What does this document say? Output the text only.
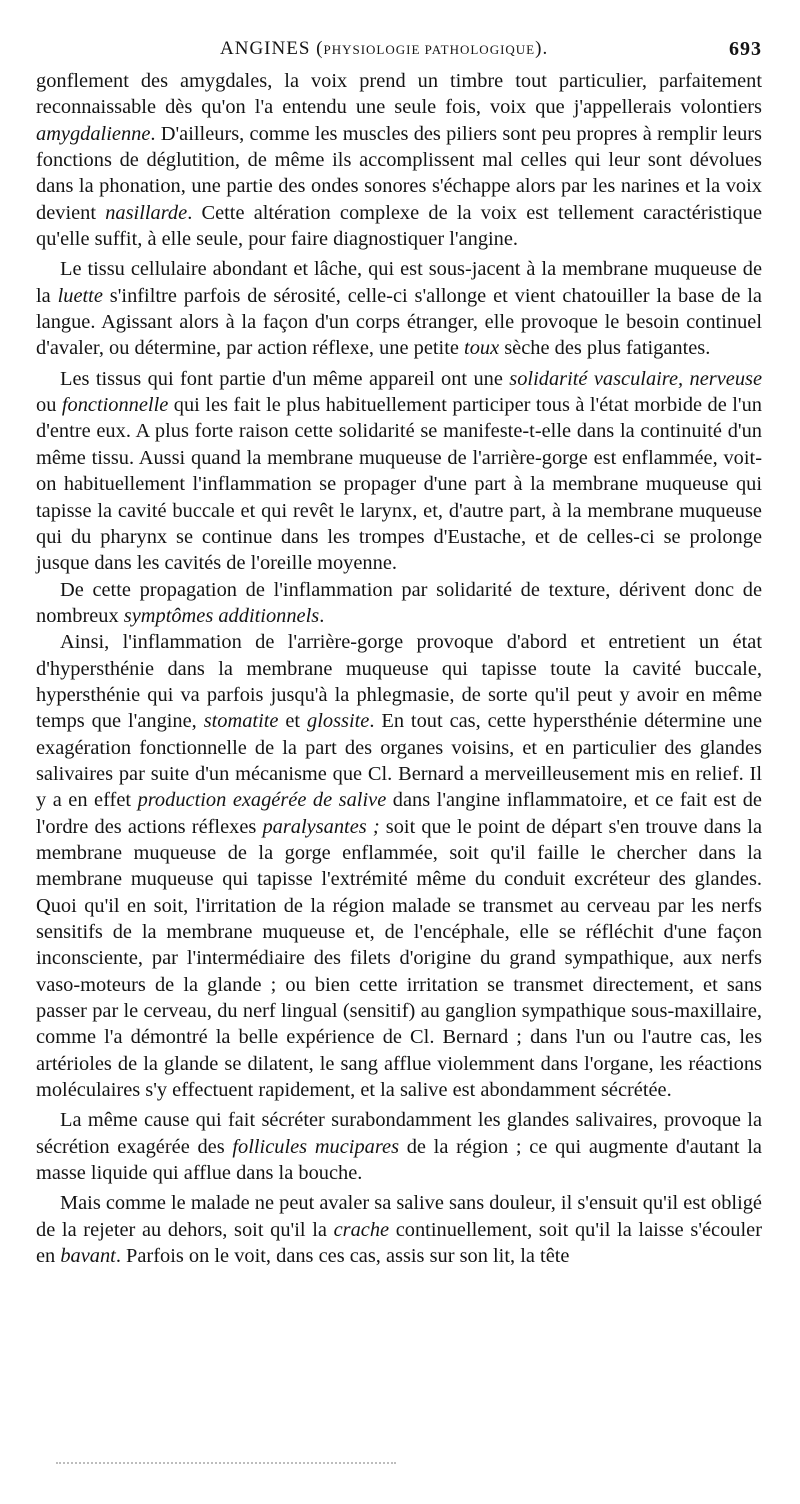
ANGINES (PHYSIOLOGIE PATHOLOGIQUE).	693

gonflement des amygdales, la voix prend un timbre tout particulier, parfaitement reconnaissable dès qu'on l'a entendu une seule fois, voix que j'appellerais volontiers amygdalienne. D'ailleurs, comme les muscles des piliers sont peu propres à remplir leurs fonctions de déglutition, de même ils accomplissent mal celles qui leur sont dévolues dans la phonation, une partie des ondes sonores s'échappe alors par les narines et la voix devient nasillarde. Cette altération complexe de la voix est tellement caractéristique qu'elle suffit, à elle seule, pour faire diagnostiquer l'angine.

Le tissu cellulaire abondant et lâche, qui est sous-jacent à la membrane muqueuse de la luette s'infiltre parfois de sérosité, celle-ci s'allonge et vient chatouiller la base de la langue. Agissant alors à la façon d'un corps étranger, elle provoque le besoin continuel d'avaler, ou détermine, par action réflexe, une petite toux sèche des plus fatigantes.

Les tissus qui font partie d'un même appareil ont une solidarité vasculaire, nerveuse ou fonctionnelle qui les fait le plus habituellement participer tous à l'état morbide de l'un d'entre eux. A plus forte raison cette solidarité se manifeste-t-elle dans la continuité d'un même tissu. Aussi quand la membrane muqueuse de l'arrière-gorge est enflammée, voit-on habituellement l'inflammation se propager d'une part à la membrane muqueuse qui tapisse la cavité buccale et qui revêt le larynx, et, d'autre part, à la membrane muqueuse qui du pharynx se continue dans les trompes d'Eustache, et de celles-ci se prolonge jusque dans les cavités de l'oreille moyenne.

De cette propagation de l'inflammation par solidarité de texture, dérivent donc de nombreux symptômes additionnels.

Ainsi, l'inflammation de l'arrière-gorge provoque d'abord et entretient un état d'hypersthénie dans la membrane muqueuse qui tapisse toute la cavité buccale, hypersthénie qui va parfois jusqu'à la phlegmasie, de sorte qu'il peut y avoir en même temps que l'angine, stomatite et glossite. En tout cas, cette hypersthénie détermine une exagération fonctionnelle de la part des organes voisins, et en particulier des glandes salivaires par suite d'un mécanisme que Cl. Bernard a merveilleusement mis en relief. Il y a en effet production exagérée de salive dans l'angine inflammatoire, et ce fait est de l'ordre des actions réflexes paralysantes ; soit que le point de départ s'en trouve dans la membrane muqueuse de la gorge enflammée, soit qu'il faille le chercher dans la membrane muqueuse qui tapisse l'extrémité même du conduit excréteur des glandes. Quoi qu'il en soit, l'irritation de la région malade se transmet au cerveau par les nerfs sensitifs de la membrane muqueuse et, de l'encéphale, elle se réfléchit d'une façon inconsciente, par l'intermédiaire des filets d'origine du grand sympathique, aux nerfs vaso-moteurs de la glande ; ou bien cette irritation se transmet directement, et sans passer par le cerveau, du nerf lingual (sensitif) au ganglion sympathique sous-maxillaire, comme l'a démontré la belle expérience de Cl. Bernard ; dans l'un ou l'autre cas, les artérioles de la glande se dilatent, le sang afflue violemment dans l'organe, les réactions moléculaires s'y effectuent rapidement, et la salive est abondamment sécrétée.

La même cause qui fait sécréter surabondamment les glandes salivaires, provoque la sécrétion exagérée des follicules mucipares de la région ; ce qui augmente d'autant la masse liquide qui afflue dans la bouche.

Mais comme le malade ne peut avaler sa salive sans douleur, il s'ensuit qu'il est obligé de la rejeter au dehors, soit qu'il la crache continuellement, soit qu'il la laisse s'écouler en bavant. Parfois on le voit, dans ces cas, assis sur son lit, la tête
